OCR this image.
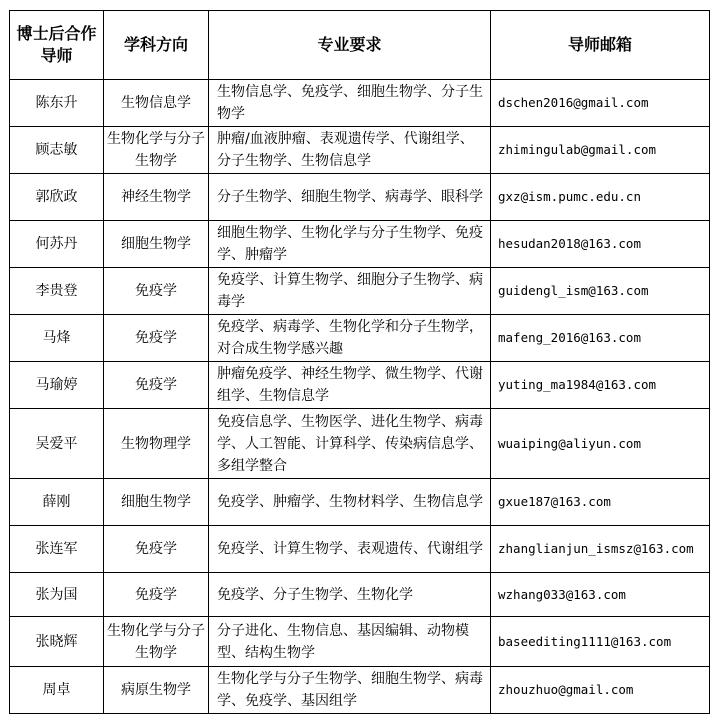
博士后合作导师	学科方向	专业要求	导师邮箱
陈东升	生物信息学	生物信息学、免疫学、细胞生物学、分子生物学	dschen2016@gmail.com
顾志敏	生物化学与分子生物学	肿瘤/血液肿瘤、表观遗传学、代谢组学、分子生物学、生物信息学	zhimingulab@gmail.com
郭欣政	神经生物学	分子生物学、细胞生物学、病毒学、眼科学	gxz@ism.pumc.edu.cn
何苏丹	细胞生物学	细胞生物学、生物化学与分子生物学、免疫学、肿瘤学	hesudan2018@163.com
李贵登	免疫学	免疫学、计算生物学、细胞分子生物学、病毒学	guidengl_ism@163.com
马烽	免疫学	免疫学、病毒学、生物化学和分子生物学，对合成生物学感兴趣	mafeng_2016@163.com
马瑜婷	免疫学	肿瘤免疫学、神经生物学、微生物学、代谢组学、生物信息学	yuting_ma1984@163.com
吴爱平	生物物理学	免疫信息学、生物医学、进化生物学、病毒学、人工智能、计算科学、传染病信息学、多组学整合	wuaiping@aliyun.com
薛刚	细胞生物学	免疫学、肿瘤学、生物材料学、生物信息学	gxue187@163.com
张连军	免疫学	免疫学、计算生物学、表观遗传、代谢组学	zhanglianjun_ismsz@163.com
张为国	免疫学	免疫学、分子生物学、生物化学	wzhang033@163.com
张晓辉	生物化学与分子生物学	分子进化、生物信息、基因编辑、动物模型、结构生物学	baseediting1111@163.com
周卓	病原生物学	生物化学与分子生物学、细胞生物学、病毒学、免疫学、基因组学	zhouzhuo@gmail.com
